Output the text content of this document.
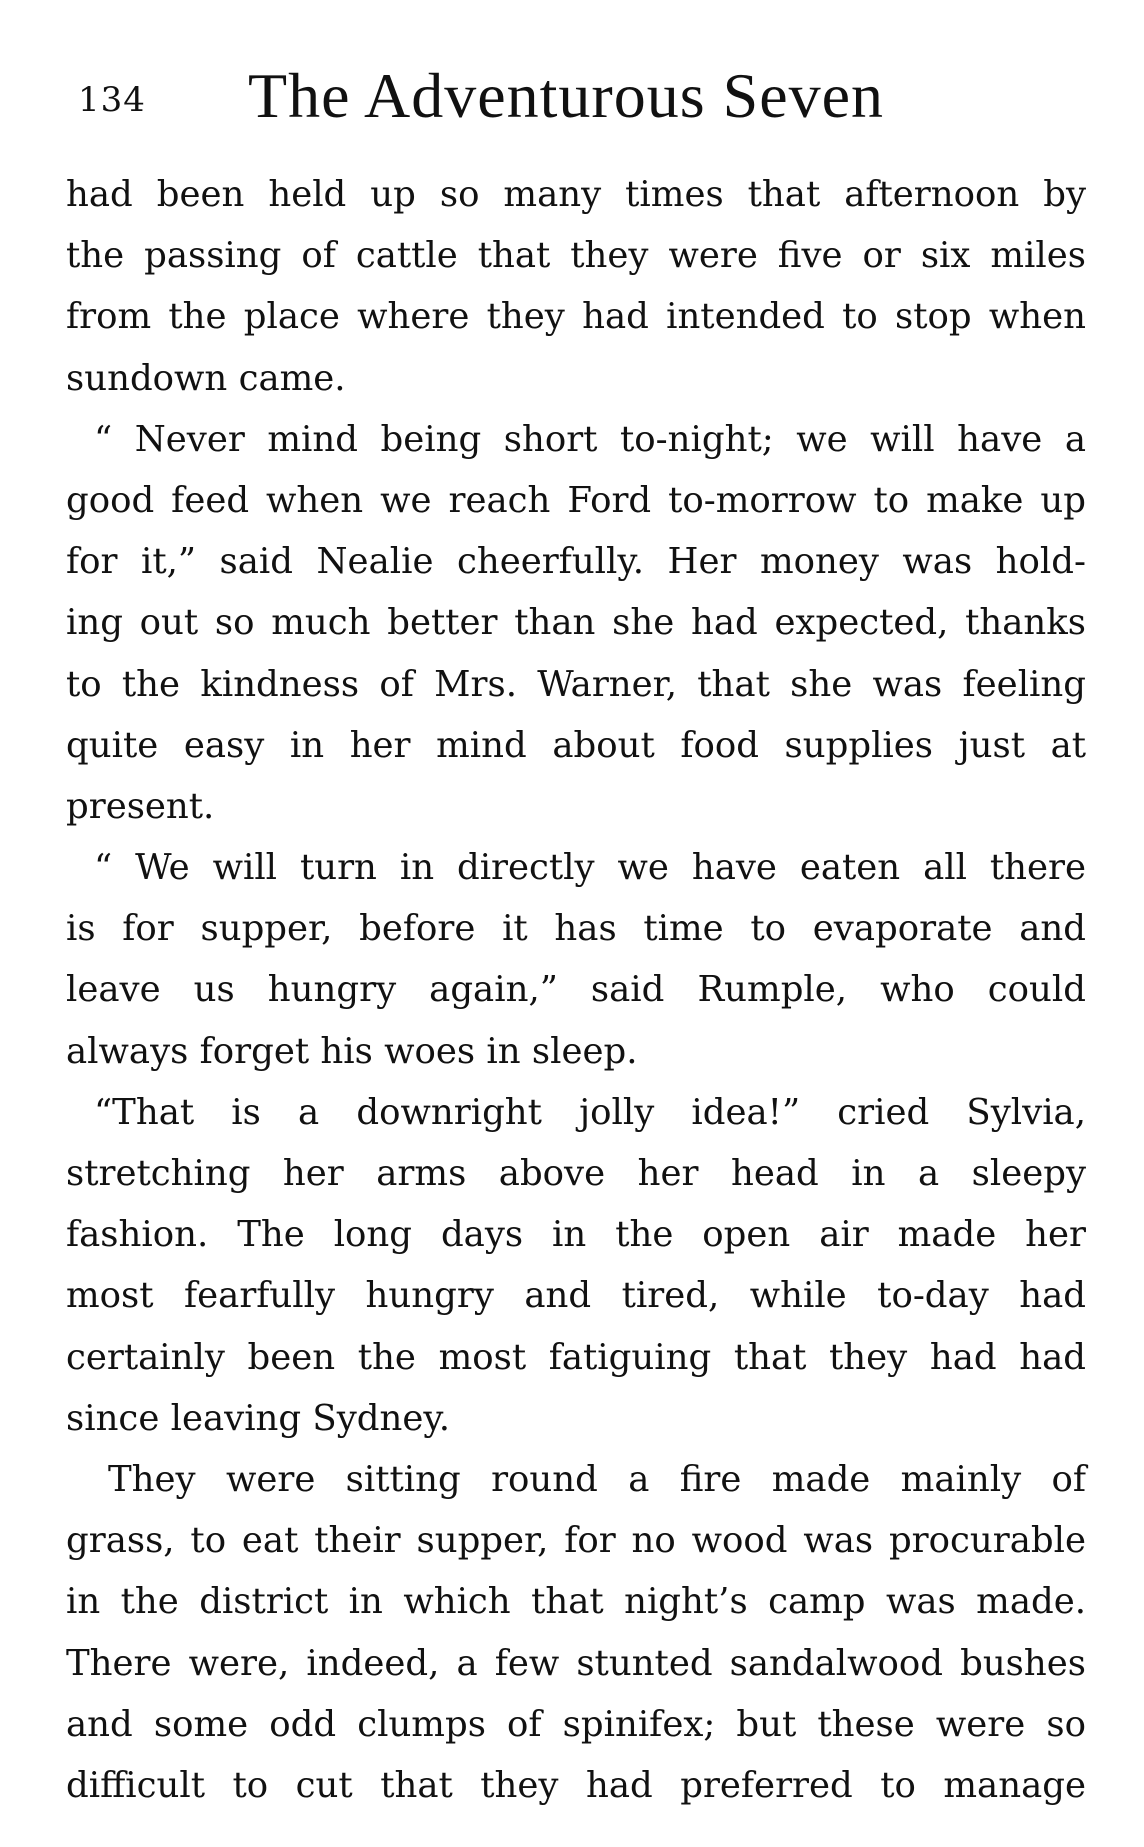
134 The Adventurous Seven
had been held up so many times that afternoon by
the passing of cattle that they were five or six miles
from the place where they had intended to stop when
sundown came.
“ Never mind being short to-night; we will have a
good feed when we reach Ford to-morrow to make up
for it,” said Nealie cheerfully. Her money was hold-
ing out so much better than she had expected, thanks
to the kindness of Mrs. Warner, that she was feeling
quite easy in her mind about food supplies just at
present.
“ We will turn in directly we have eaten all there
is for supper, before it has time to evaporate and
leave us hungry again,” said Rumple, who could
always forget his woes in sleep.
“That is a downright jolly idea!” cried Sylvia,
stretching her arms above her head in a sleepy
fashion. The long days in the open air made her
most fearfully hungry and tired, while to-day had
certainly been the most fatiguing that they had had
since leaving Sydney.
They were sitting round a fire made mainly of
grass, to eat their supper, for no wood was procurable
in the district in which that night’s camp was made.
There were, indeed, a few stunted sandalwood bushes
and some odd clumps of spinifex; but these were so
difficult to cut that they had preferred to manage
